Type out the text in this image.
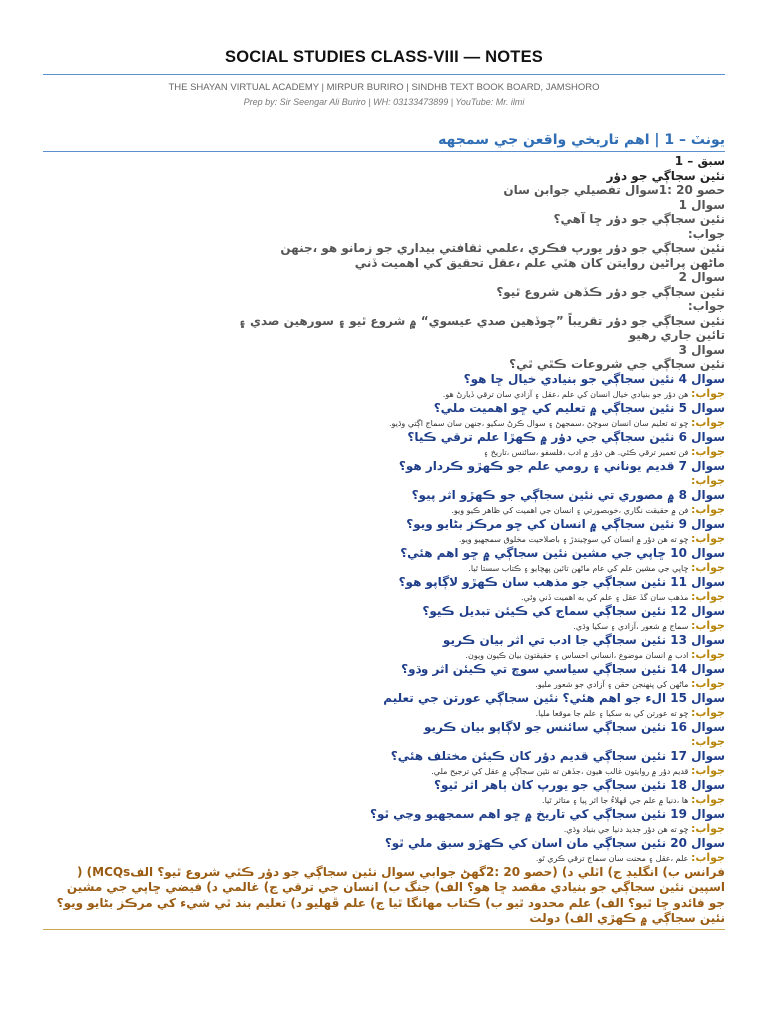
SOCIAL STUDIES CLASS-VIII — NOTES
THE SHAYAN VIRTUAL ACADEMY | MIRPUR BURIRO | SINDHB TEXT BOOK BOARD, JAMSHORO
Prep by: Sir Seengar Ali Buriro | WH: 03133473899 | YouTube: Mr. ilmi
يونٽ – 1 | اهم تاريخي واقعن جي سمجهه
سبق – 1
نئين سجاڳي جو دؤر
حصو 20 :1سوال تفصيلي جوابن سان
سوال 1
نئين سجاڳي جو دؤر ڇا آهي؟
جواب:
نئين سجاڳي جو دؤر يورپ فڪري ،علمي ثقافتي بيداري جو زمانو هو ،جنهن
ماڻهن پراڻين روايتن کان هٽي علم ،عقل تحقيق کي اهميت ڏني
سوال 2
نئين سجاڳي جو دؤر ڪڏهن شروع ٿيو؟
جواب:
نئين سجاڳي جو دؤر تقريباً ”چوڏهين صدي عيسوي“ ۾ شروع ٿيو ۽ سورهين صدي ۽
تائين جاري رهيو
سوال 3
نئين سجاڳي جي شروعات ڪٿي ٿي؟
سوال 4 نئين سجاڳي جو بنيادي خيال ڇا هو؟
جواب: هن دؤر جو بنيادي خيال انسان کي علم ،عقل ۽ آزادي سان ترقي ڏيارڻ هو.
سوال 5 نئين سجاڳي ۾ تعليم کي ڇو اهميت ملي؟
جواب: ڇو ته تعليم سان انسان سوچڻ ،سمجهڻ ۽ سوال ڪرڻ سکيو ،جنهن سان سماج اڳتي وڌيو.
سوال 6 نئين سجاڳي جي دؤر ۾ ڪهڙا علم ترقي ڪيا؟
جواب: فن تعمير ترقي ڪئي. هن دؤر ۾ ادب ،فلسفو ،سائنس ،تاريخ ۽
سوال 7 قديم يوناني ۽ رومي علم جو ڪهڙو ڪردار هو؟
جواب:
سوال 8 ۾ مصوري تي نئين سجاڳي جو ڪهڙو اثر پيو؟
جواب: فن ۾ حقيقت نگاري ،خوبصورتي ۽ انسان جي اهميت کي ظاهر ڪيو ويو.
سوال 9 نئين سجاڳي ۾ انسان کي ڇو مرڪز بڻايو ويو؟
جواب: ڇو ته هن دؤر ۾ انسان کي سوچيندڙ ۽ باصلاحيت مخلوق سمجهيو ويو.
سوال 10 ڇاپي جي مشين نئين سجاڳي ۾ ڇو اهم هئي؟
جواب: ڇاپي جي مشين علم کي عام ماڻهن تائين پهچايو ۽ ڪتاب سستا ٿيا.
سوال 11 نئين سجاڳي جو مذهب سان ڪهڙو لاڳاپو هو؟
جواب: مذهب سان گڏ عقل ۽ علم کي به اهميت ڏني وئي.
سوال 12 نئين سجاڳي سماج کي ڪيئن تبديل ڪيو؟
جواب: سماج ۾ شعور ،آزادي ۽ سکيا وڌي.
سوال 13 نئين سجاڳي جا ادب تي اثر بيان ڪريو
جواب: ادب ۾ انسان موضوع ،انساني احساس ۽ حقيقتون بيان ڪيون ويون.
سوال 14 نئين سجاڳي سياسي سوچ تي ڪيئن اثر وڌو؟
جواب: ماڻهن کي پنهنجن حقن ۽ آزادي جو شعور مليو.
سوال 15 الء جو اهم هئي؟ نئين سجاڳي عورتن جي تعليم
جواب: ڇو ته عورتن کي به سکيا ۽ علم جا موقعا مليا.
سوال 16 نئين سجاڳي سائنس جو لاڳاپو بيان ڪريو
جواب:
سوال 17 نئين سجاڳي قديم دؤر کان ڪيئن مختلف هئي؟
جواب: قديم دؤر ۾ روايتون غالب هيون ،جڏهن ته نئين سجاڳي ۾ عقل کي ترجيح ملي.
سوال 18 نئين سجاڳي جو يورپ کان ٻاهر اثر ٿيو؟
جواب: ها ،دنيا ۾ علم جي ڦهلاءُ جا اثر پيا ۽ متاثر ٿيا.
سوال 19 نئين سجاڳي کي تاريخ ۾ ڇو اهم سمجهيو وڃي ٿو؟
جواب: ڇو ته هن دؤر جديد دنيا جي بنياد وڌي.
سوال 20 نئين سجاڳي مان اسان کي ڪهڙو سبق ملي ٿو؟
جواب: علم ،عقل ۽ محنت سان سماج ترقي ڪري ٿو.
فرانس ب) انگليڊ ج) اٽلي د) (حصو 20 :2گهڻ جوابي سوال نئين سجاڳي جو دؤر ڪٿي شروع ٿيو؟ الفMCQs) (
اسپين نئين سجاڳي جو بنيادي مقصد ڇا هو؟ الف) جنگ ب) انسان جي ترقي ج) غالمي د) فيضي ڇاپي جي مشين
جو فائدو ڇا ٿيو؟ الف) علم محدود ٿيو ب) ڪتاب مهانگا ٿيا ج) علم ڦهليو د) تعليم بند ٿي شيء کي مرڪز بڻايو ويو؟
نئين سجاڳي ۾ ڪهڙي الف) دولت
